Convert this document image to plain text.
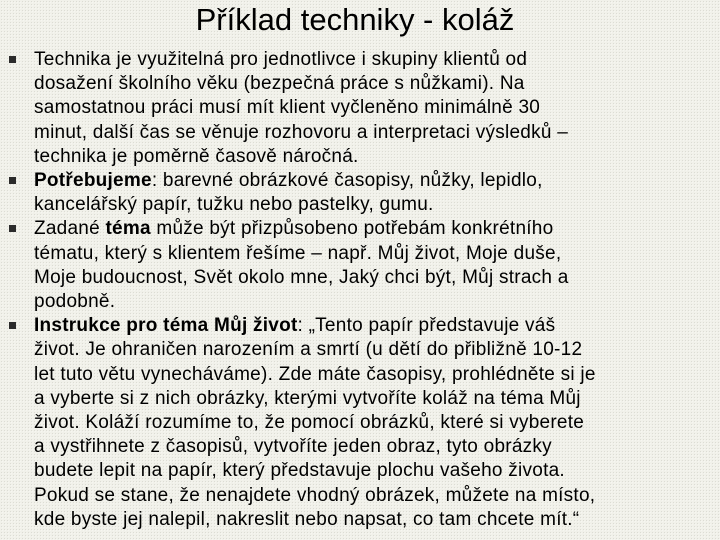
Příklad techniky - koláž
Technika je využitelná pro jednotlivce i skupiny klientů od
dosažení školního věku (bezpečná práce s nůžkami). Na
samostatnou práci musí mít klient vyčleněno minimálně 30
minut, další čas se věnuje rozhovoru a interpretaci výsledků –
technika je poměrně časově náročná.
Potřebujeme: barevné obrázkové časopisy, nůžky, lepidlo,
kancelářský papír, tužku nebo pastelky, gumu.
Zadané téma může být přizpůsobeno potřebám konkrétního
tématu, který s klientem řešíme – např. Můj život, Moje duše,
Moje budoucnost, Svět okolo mne, Jaký chci být, Můj strach a
podobně.
Instrukce pro téma Můj život: „Tento papír představuje váš
život. Je ohraničen narozením a smrtí (u dětí do přibližně 10-12
let tuto větu vynecháváme). Zde máte časopisy, prohlédněte si je
a vyberte si z nich obrázky, kterými vytvoříte koláž na téma Můj
život. Koláží rozumíme to, že pomocí obrázků, které si vyberete
a vystřihnete z časopisů, vytvoříte jeden obraz, tyto obrázky
budete lepit na papír, který představuje plochu vašeho života.
Pokud se stane, že nenajdete vhodný obrázek, můžete na místo,
kde byste jej nalepil, nakreslit nebo napsat, co tam chcete mít.“
